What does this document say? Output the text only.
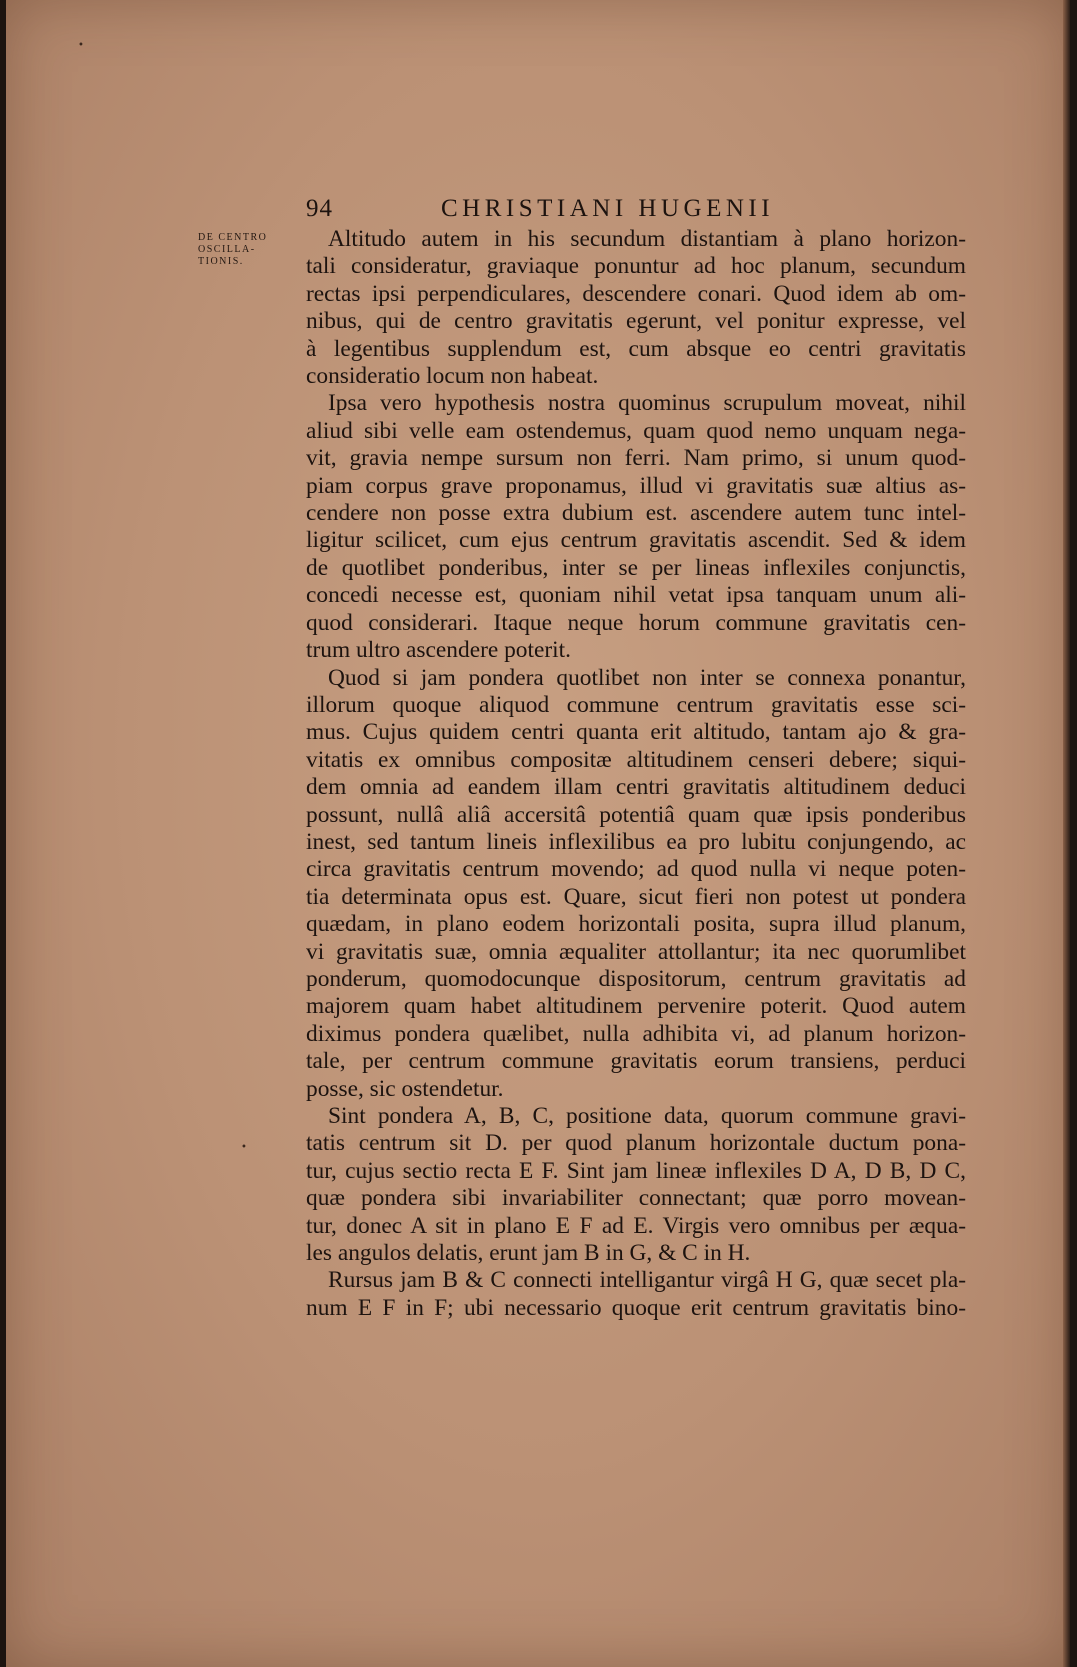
•
•
94	CHRISTIANI HUGENII
DE CENTRO
OSCILLA-
TIONIS.

Altitudo autem in his secundum distantiam à plano horizon-
tali consideratur, graviaque ponuntur ad hoc planum, secundum
rectas ipsi perpendiculares, descendere conari. Quod idem ab om-
nibus, qui de centro gravitatis egerunt, vel ponitur expresse, vel
à legentibus supplendum est, cum absque eo centri gravitatis
consideratio locum non habeat.

Ipsa vero hypothesis nostra quominus scrupulum moveat, nihil
aliud sibi velle eam ostendemus, quam quod nemo unquam nega-
vit, gravia nempe sursum non ferri. Nam primo, si unum quod-
piam corpus grave proponamus, illud vi gravitatis suæ altius as-
cendere non posse extra dubium est. ascendere autem tunc intel-
ligitur scilicet, cum ejus centrum gravitatis ascendit. Sed & idem
de quotlibet ponderibus, inter se per lineas inflexiles conjunctis,
concedi necesse est, quoniam nihil vetat ipsa tanquam unum ali-
quod considerari. Itaque neque horum commune gravitatis cen-
trum ultro ascendere poterit.

Quod si jam pondera quotlibet non inter se connexa ponantur,
illorum quoque aliquod commune centrum gravitatis esse sci-
mus. Cujus quidem centri quanta erit altitudo, tantam ajo & gra-
vitatis ex omnibus compositæ altitudinem censeri debere; siqui-
dem omnia ad eandem illam centri gravitatis altitudinem deduci
possunt, nullâ aliâ accersitâ potentiâ quam quæ ipsis ponderibus
inest, sed tantum lineis inflexilibus ea pro lubitu conjungendo, ac
circa gravitatis centrum movendo; ad quod nulla vi neque poten-
tia determinata opus est. Quare, sicut fieri non potest ut pondera
quædam, in plano eodem horizontali posita, supra illud planum,
vi gravitatis suæ, omnia æqualiter attollantur; ita nec quorumlibet
ponderum, quomodocunque dispositorum, centrum gravitatis ad
majorem quam habet altitudinem pervenire poterit. Quod autem
diximus pondera quælibet, nulla adhibita vi, ad planum horizon-
tale, per centrum commune gravitatis eorum transiens, perduci
posse, sic ostendetur.

Sint pondera A, B, C, positione data, quorum commune gravi-
tatis centrum sit D. per quod planum horizontale ductum pona-
tur, cujus sectio recta E F. Sint jam lineæ inflexiles D A, D B, D C,
quæ pondera sibi invariabiliter connectant; quæ porro movean-
tur, donec A sit in plano E F ad E. Virgis vero omnibus per æqua-
les angulos delatis, erunt jam B in G, & C in H.

Rursus jam B & C connecti intelligantur virgâ H G, quæ secet pla-
num E F in F; ubi necessario quoque erit centrum gravitatis bino-
